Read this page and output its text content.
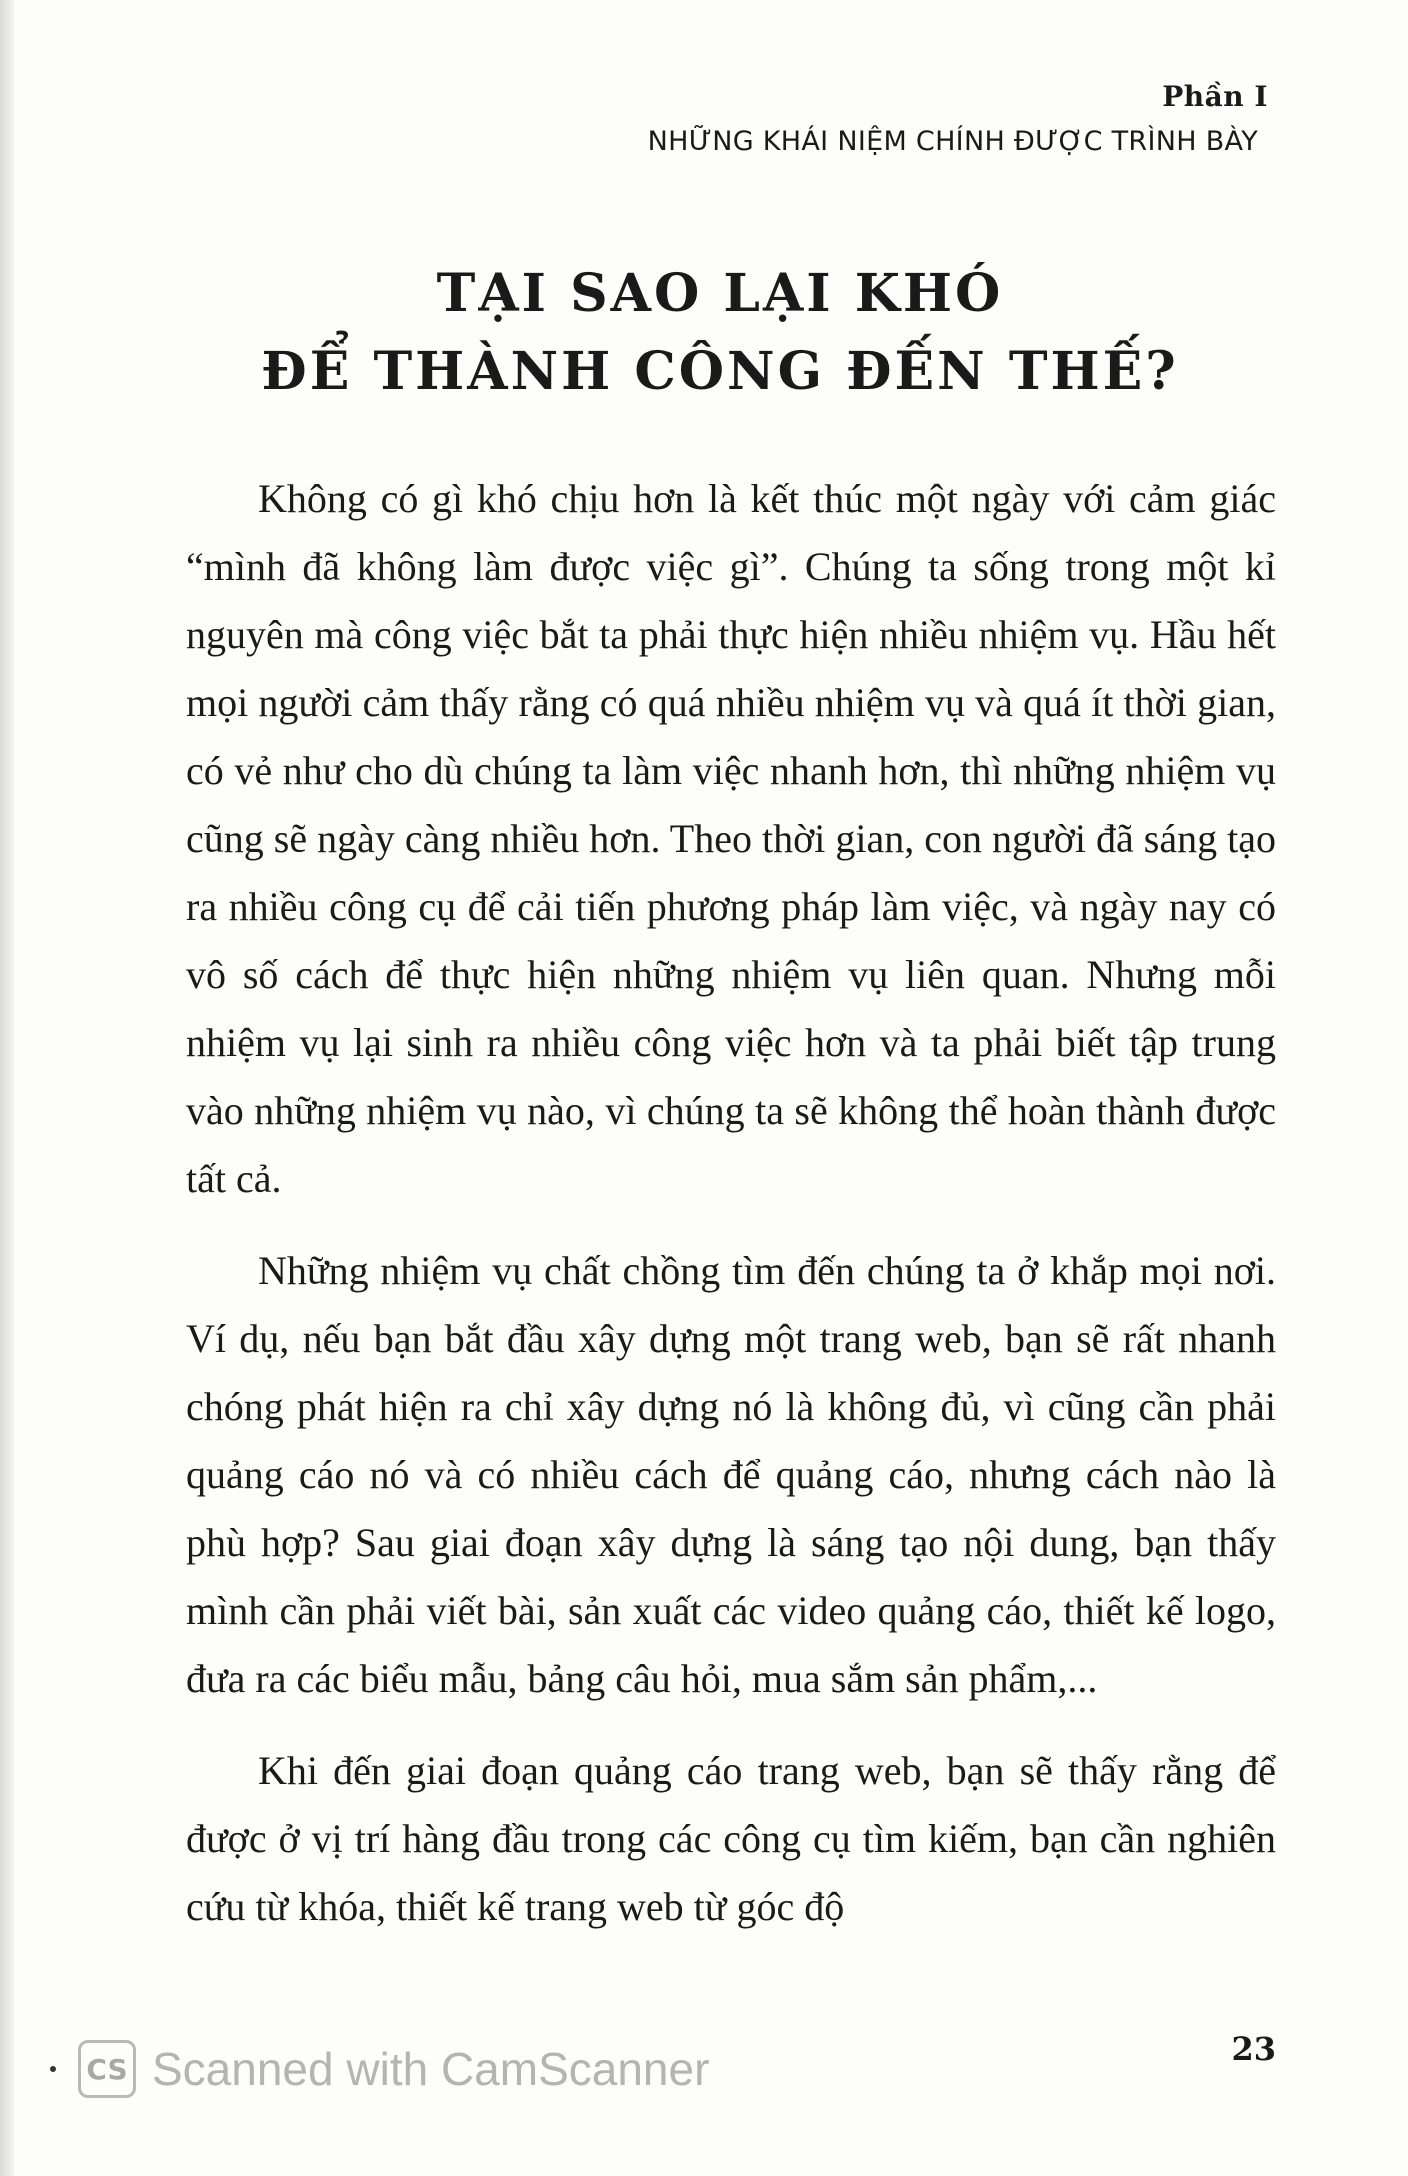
Phần I
NHỮNG KHÁI NIỆM CHÍNH ĐƯỢC TRÌNH BÀY
TẠI SAO LẠI KHÓ
ĐỂ THÀNH CÔNG ĐẾN THẾ?

Không có gì khó chịu hơn là kết thúc một ngày với cảm giác “mình đã không làm được việc gì”. Chúng ta sống trong một kỉ nguyên mà công việc bắt ta phải thực hiện nhiều nhiệm vụ. Hầu hết mọi người cảm thấy rằng có quá nhiều nhiệm vụ và quá ít thời gian, có vẻ như cho dù chúng ta làm việc nhanh hơn, thì những nhiệm vụ cũng sẽ ngày càng nhiều hơn. Theo thời gian, con người đã sáng tạo ra nhiều công cụ để cải tiến phương pháp làm việc, và ngày nay có vô số cách để thực hiện những nhiệm vụ liên quan. Nhưng mỗi nhiệm vụ lại sinh ra nhiều công việc hơn và ta phải biết tập trung vào những nhiệm vụ nào, vì chúng ta sẽ không thể hoàn thành được tất cả.

Những nhiệm vụ chất chồng tìm đến chúng ta ở khắp mọi nơi. Ví dụ, nếu bạn bắt đầu xây dựng một trang web, bạn sẽ rất nhanh chóng phát hiện ra chỉ xây dựng nó là không đủ, vì cũng cần phải quảng cáo nó và có nhiều cách để quảng cáo, nhưng cách nào là phù hợp? Sau giai đoạn xây dựng là sáng tạo nội dung, bạn thấy mình cần phải viết bài, sản xuất các video quảng cáo, thiết kế logo, đưa ra các biểu mẫu, bảng câu hỏi, mua sắm sản phẩm,...

Khi đến giai đoạn quảng cáo trang web, bạn sẽ thấy rằng để được ở vị trí hàng đầu trong các công cụ tìm kiếm, bạn cần nghiên cứu từ khóa, thiết kế trang web từ góc độ

CS Scanned with CamScanner	23
